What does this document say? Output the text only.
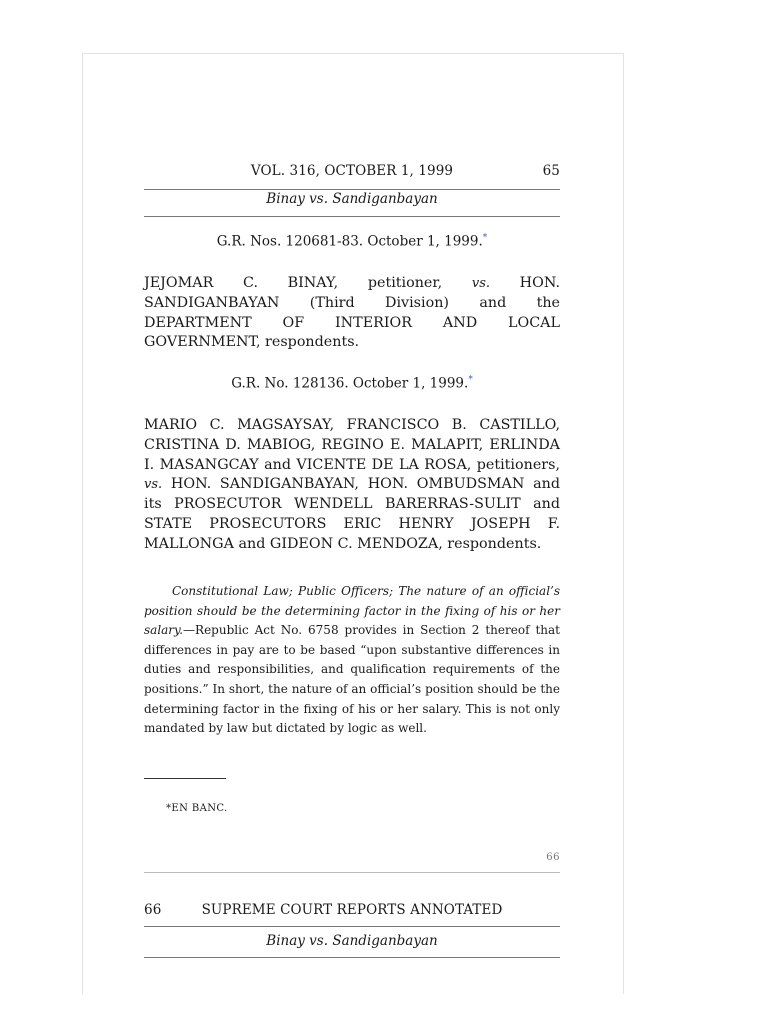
VOL. 316, OCTOBER 1, 1999	65
Binay vs. Sandiganbayan
G.R. Nos. 120681-83. October 1, 1999.*
JEJOMAR C. BINAY, petitioner, vs. HON. SANDIGANBAYAN (Third Division) and the DEPARTMENT OF INTERIOR AND LOCAL GOVERNMENT, respondents.
G.R. No. 128136. October 1, 1999.*
MARIO C. MAGSAYSAY, FRANCISCO B. CASTILLO, CRISTINA D. MABIOG, REGINO E. MALAPIT, ERLINDA I. MASANGCAY and VICENTE DE LA ROSA, petitioners, vs. HON. SANDIGANBAYAN, HON. OMBUDSMAN and its PROSECUTOR WENDELL BARERRAS-SULIT and STATE PROSECUTORS ERIC HENRY JOSEPH F. MALLONGA and GIDEON C. MENDOZA, respondents.
Constitutional Law; Public Officers; The nature of an official’s position should be the determining factor in the fixing of his or her salary.—Republic Act No. 6758 provides in Section 2 thereof that differences in pay are to be based “upon substantive differences in duties and responsibilities, and qualification requirements of the positions.” In short, the nature of an official’s position should be the determining factor in the fixing of his or her salary. This is not only mandated by law but dictated by logic as well.
*EN BANC.
66
66	SUPREME COURT REPORTS ANNOTATED
Binay vs. Sandiganbayan
